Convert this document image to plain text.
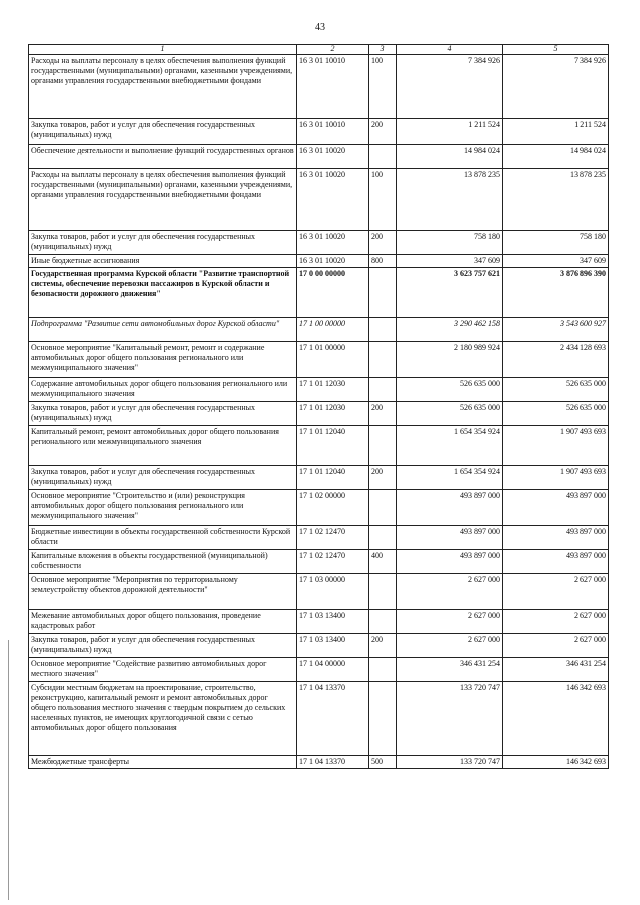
43
1	2	3	4	5
Расходы на выплаты персоналу в целях обеспечения выполнения функций государственными (муниципальными) органами, казенными учреждениями, органами управления государственными внебюджетными фондами	16 3 01 10010	100	7 384 926	7 384 926
Закупка товаров, работ и услуг для обеспечения государственных (муниципальных) нужд	16 3 01 10010	200	1 211 524	1 211 524
Обеспечение деятельности и выполнение функций государственных органов	16 3 01 10020		14 984 024	14 984 024
Расходы на выплаты персоналу в целях обеспечения выполнения функций государственными (муниципальными) органами, казенными учреждениями, органами управления государственными внебюджетными фондами	16 3 01 10020	100	13 878 235	13 878 235
Закупка товаров, работ и услуг для обеспечения государственных (муниципальных) нужд	16 3 01 10020	200	758 180	758 180
Иные бюджетные ассигнования	16 3 01 10020	800	347 609	347 609
Государственная программа Курской области "Развитие транспортной системы, обеспечение перевозки пассажиров в Курской области и безопасности дорожного движения"	17 0 00 00000		3 623 757 621	3 876 896 390
Подпрограмма "Развитие сети автомобильных дорог Курской области"	17 1 00 00000		3 290 462 158	3 543 600 927
Основное мероприятие "Капитальный ремонт, ремонт и содержание автомобильных дорог общего пользования регионального или межмуниципального значения"	17 1 01 00000		2 180 989 924	2 434 128 693
Содержание автомобильных дорог общего пользования регионального или межмуниципального значения	17 1 01 12030		526 635 000	526 635 000
Закупка товаров, работ и услуг для обеспечения государственных (муниципальных) нужд	17 1 01 12030	200	526 635 000	526 635 000
Капитальный ремонт, ремонт автомобильных дорог общего пользования регионального или межмуниципального значения	17 1 01 12040		1 654 354 924	1 907 493 693
Закупка товаров, работ и услуг для обеспечения государственных (муниципальных) нужд	17 1 01 12040	200	1 654 354 924	1 907 493 693
Основное мероприятие "Строительство и (или) реконструкция автомобильных дорог общего пользования регионального или межмуниципального значения"	17 1 02 00000		493 897 000	493 897 000
Бюджетные инвестиции в объекты государственной собственности Курской области	17 1 02 12470		493 897 000	493 897 000
Капитальные вложения в объекты государственной (муниципальной) собственности	17 1 02 12470	400	493 897 000	493 897 000
Основное мероприятие "Мероприятия по территориальному землеустройству объектов дорожной деятельности"	17 1 03 00000		2 627 000	2 627 000
Межевание автомобильных дорог общего пользования, проведение кадастровых работ	17 1 03 13400		2 627 000	2 627 000
Закупка товаров, работ и услуг для обеспечения государственных (муниципальных) нужд	17 1 03 13400	200	2 627 000	2 627 000
Основное мероприятие "Содействие развитию автомобильных дорог местного значения"	17 1 04 00000		346 431 254	346 431 254
Субсидии местным бюджетам на проектирование, строительство, реконструкцию, капитальный ремонт и ремонт автомобильных дорог общего пользования местного значения с твердым покрытием до сельских населенных пунктов, не имеющих круглогодичной связи с сетью автомобильных дорог общего пользования	17 1 04 13370		133 720 747	146 342 693
Межбюджетные трансферты	17 1 04 13370	500	133 720 747	146 342 693
